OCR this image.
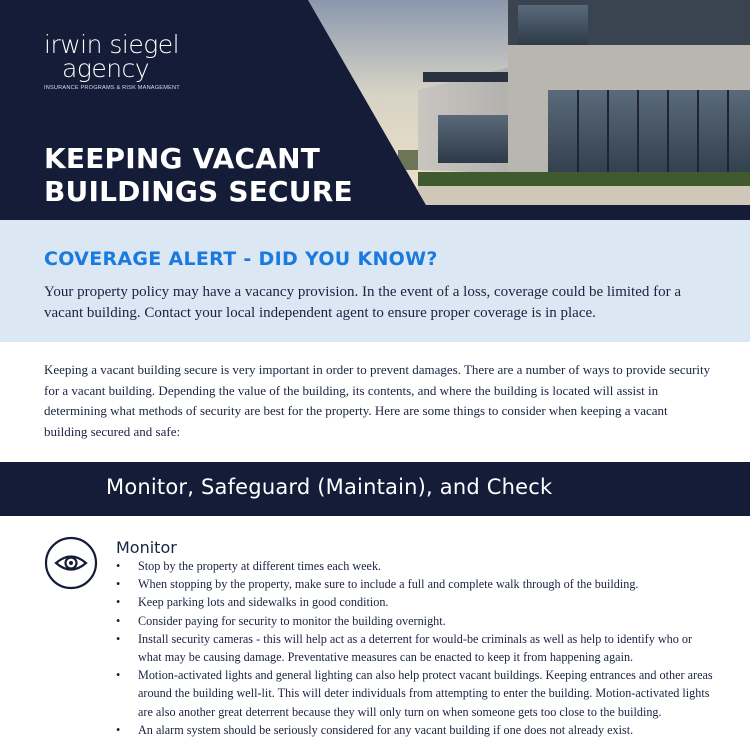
irwin siegel
agency
INSURANCE PROGRAMS & RISK MANAGEMENT
KEEPING VACANT
BUILDINGS SECURE
COVERAGE ALERT - DID YOU KNOW?

Your property policy may have a vacancy provision. In the event of a loss, coverage could be limited for a vacant building. Contact your local independent agent to ensure proper coverage is in place.

Keeping a vacant building secure is very important in order to prevent damages. There are a number of ways to provide security for a vacant building. Depending the value of the building, its contents, and where the building is located will assist in determining what methods of security are best for the property. Here are some things to consider when keeping a vacant building secured and safe:

Monitor, Safeguard (Maintain), and Check
Monitor
• Stop by the property at different times each week.
• When stopping by the property, make sure to include a full and complete walk through of the building.
• Keep parking lots and sidewalks in good condition.
• Consider paying for security to monitor the building overnight.
• Install security cameras - this will help act as a deterrent for would-be criminals as well as help to identify who or what may be causing damage. Preventative measures can be enacted to keep it from happening again.
• Motion-activated lights and general lighting can also help protect vacant buildings. Keeping entrances and other areas around the building well-lit. This will deter individuals from attempting to enter the building. Motion-activated lights are also another great deterrent because they will only turn on when someone gets too close to the building.
• An alarm system should be seriously considered for any vacant building if one does not already exist.
